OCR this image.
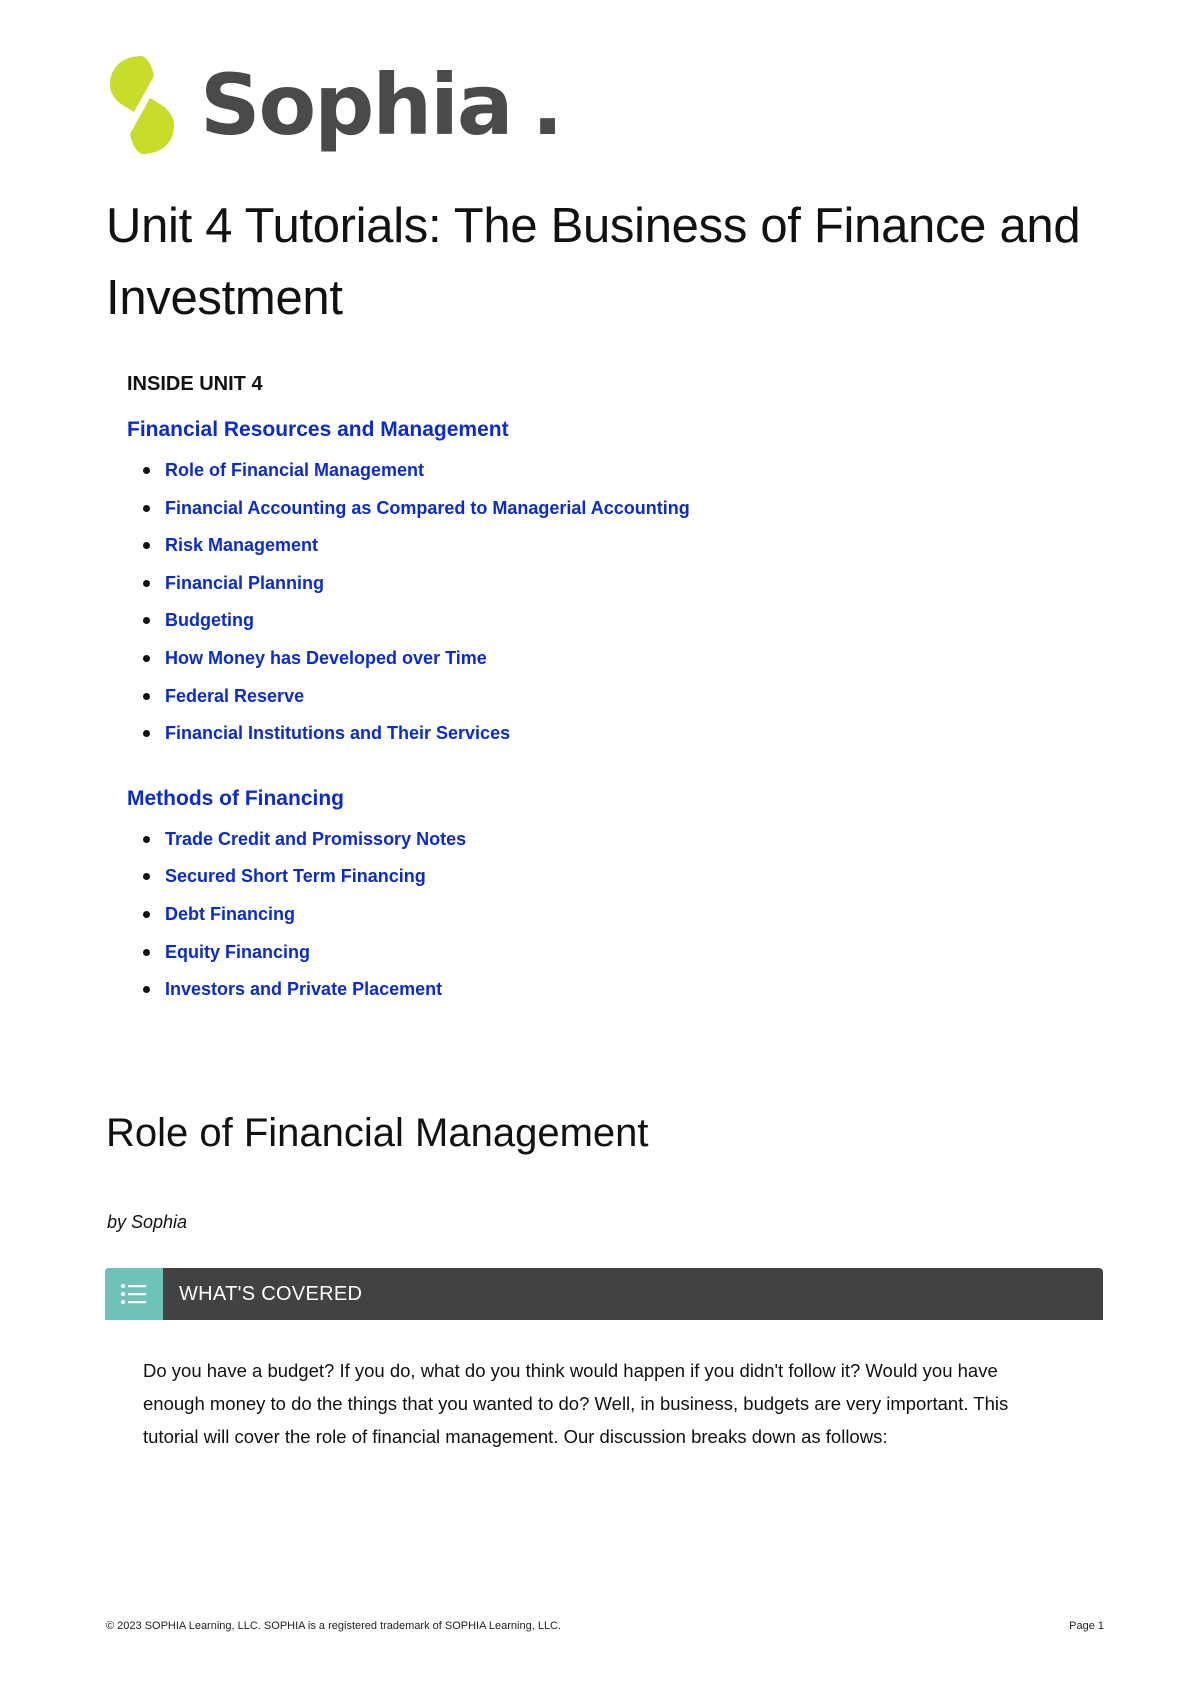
Sophia .
Unit 4 Tutorials: The Business of Finance and Investment
INSIDE UNIT 4
Financial Resources and Management
Role of Financial Management
Financial Accounting as Compared to Managerial Accounting
Risk Management
Financial Planning
Budgeting
How Money has Developed over Time
Federal Reserve
Financial Institutions and Their Services
Methods of Financing
Trade Credit and Promissory Notes
Secured Short Term Financing
Debt Financing
Equity Financing
Investors and Private Placement
Role of Financial Management
by Sophia
WHAT'S COVERED

Do you have a budget? If you do, what do you think would happen if you didn't follow it? Would you have enough money to do the things that you wanted to do? Well, in business, budgets are very important. This tutorial will cover the role of financial management. Our discussion breaks down as follows:

© 2023 SOPHIA Learning, LLC. SOPHIA is a registered trademark of SOPHIA Learning, LLC.	Page 1
